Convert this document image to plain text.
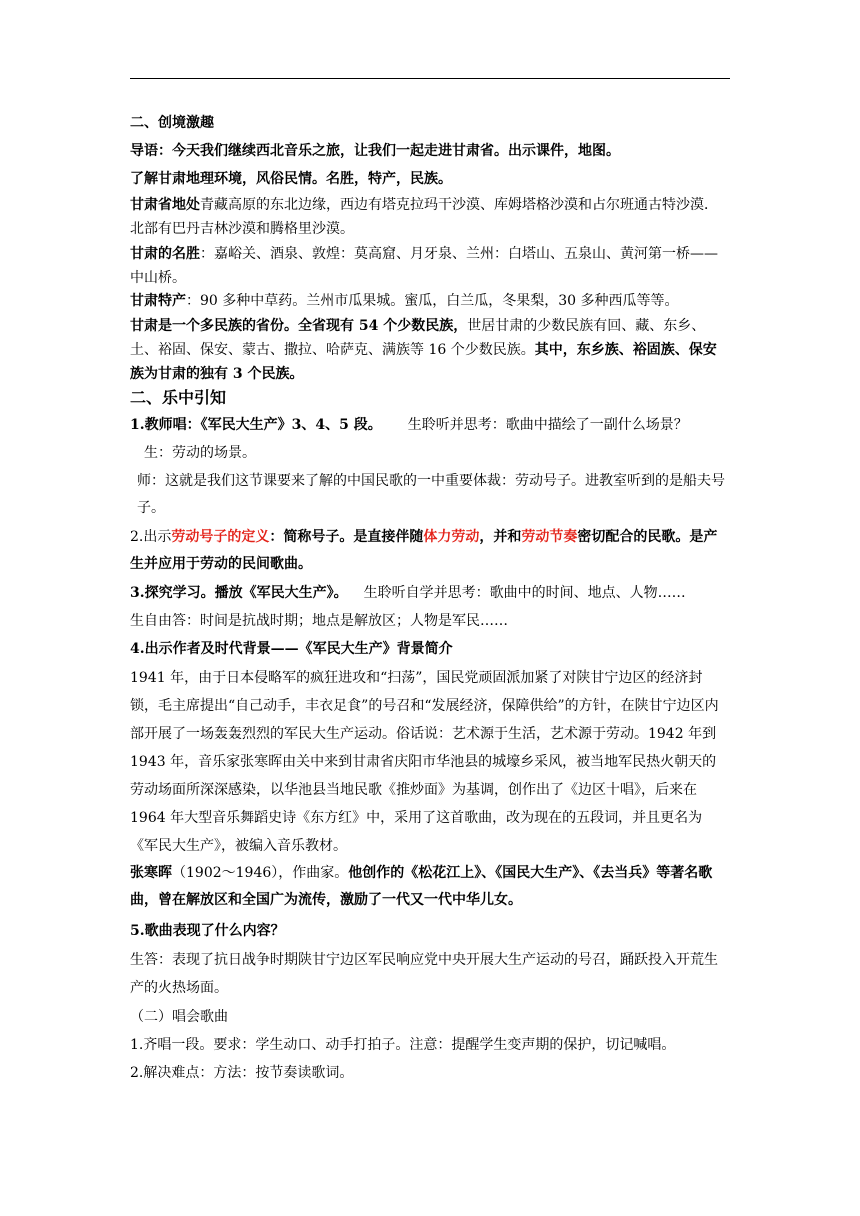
二、创境激趣
导语：今天我们继续西北音乐之旅，让我们一起走进甘肃省。出示课件，地图。
了解甘肃地理环境，风俗民情。名胜，特产，民族。
甘肃省地处青藏高原的东北边缘，西边有塔克拉玛干沙漠、库姆塔格沙漠和占尔班通古特沙漠．北部有巴丹吉林沙漠和腾格里沙漠。
甘肃的名胜：嘉峪关、酒泉、敦煌：莫高窟、月牙泉、兰州：白塔山、五泉山、黄河第一桥——中山桥。
甘肃特产：90 多种中草药。兰州市瓜果城。蜜瓜，白兰瓜，冬果梨，30 多种西瓜等等。
甘肃是一个多民族的省份。全省现有 54 个少数民族，世居甘肃的少数民族有回、藏、东乡、土、裕固、保安、蒙古、撒拉、哈萨克、满族等 16 个少数民族。其中，东乡族、裕固族、保安族为甘肃的独有 3 个民族。
二、乐中引知
1.教师唱：《军民大生产》3、4、5 段。 生聆听并思考：歌曲中描绘了一副什么场景？
生：劳动的场景。
师：这就是我们这节课要来了解的中国民歌的一中重要体裁：劳动号子。进教室听到的是船夫号子。
2.出示劳动号子的定义：简称号子。是直接伴随体力劳动，并和劳动节奏密切配合的民歌。是产生并应用于劳动的民间歌曲。
3.探究学习。播放《军民大生产》。 生聆听自学并思考：歌曲中的时间、地点、人物……
生自由答：时间是抗战时期；地点是解放区；人物是军民……
4.出示作者及时代背景——《军民大生产》背景简介
1941 年，由于日本侵略军的疯狂进攻和“扫荡”，国民党顽固派加紧了对陕甘宁边区的经济封锁，毛主席提出“自己动手，丰衣足食”的号召和“发展经济，保障供给”的方针，在陕甘宁边区内部开展了一场轰轰烈烈的军民大生产运动。俗话说：艺术源于生活，艺术源于劳动。1942 年到 1943 年，音乐家张寒晖由关中来到甘肃省庆阳市华池县的城壕乡采风，被当地军民热火朝天的劳动场面所深深感染，以华池县当地民歌《推炒面》为基调，创作出了《边区十唱》，后来在 1964 年大型音乐舞蹈史诗《东方红》中，采用了这首歌曲，改为现在的五段词，并且更名为《军民大生产》，被编入音乐教材。
张寒晖（1902～1946），作曲家。他创作的《松花江上》、《国民大生产》、《去当兵》等著名歌曲，曾在解放区和全国广为流传，激励了一代又一代中华儿女。
5.歌曲表现了什么内容？
生答：表现了抗日战争时期陕甘宁边区军民响应党中央开展大生产运动的号召，踊跃投入开荒生产的火热场面。
（二）唱会歌曲
1.齐唱一段。要求：学生动口、动手打拍子。注意：提醒学生变声期的保护，切记喊唱。
2.解决难点：方法：按节奏读歌词。
